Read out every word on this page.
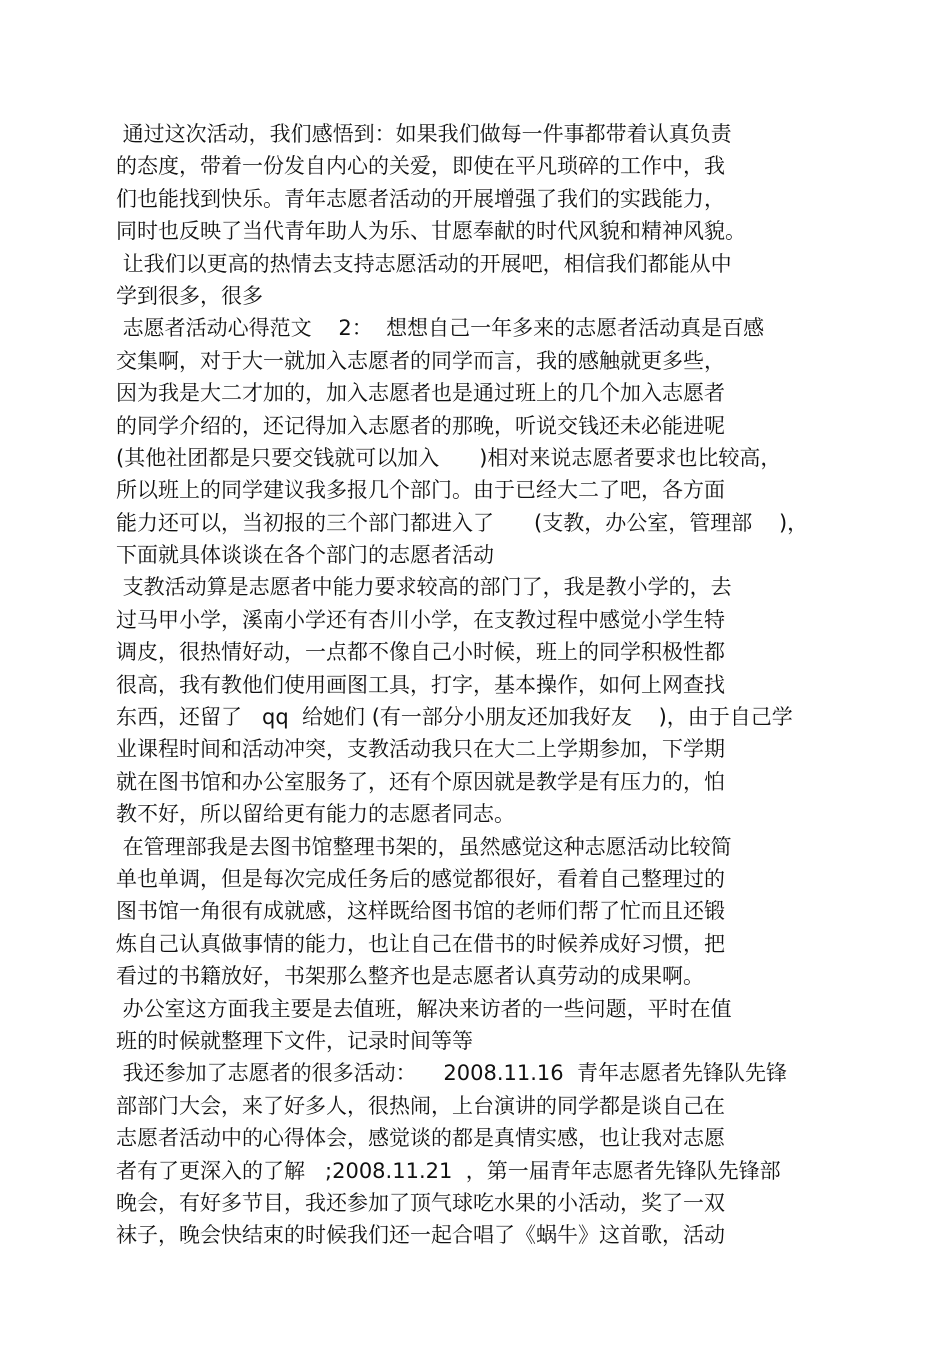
通过这次活动，我们感悟到：如果我们做每一件事都带着认真负责
的态度，带着一份发自内心的关爱，即使在平凡琐碎的工作中，我
们也能找到快乐。青年志愿者活动的开展增强了我们的实践能力，
同时也反映了当代青年助人为乐、甘愿奉献的时代风貌和精神风貌。
让我们以更高的热情去支持志愿活动的开展吧，相信我们都能从中
学到很多，很多
志愿者活动心得范文    2：  想想自己一年多来的志愿者活动真是百感
交集啊，对于大一就加入志愿者的同学而言，我的感触就更多些，
因为我是大二才加的，加入志愿者也是通过班上的几个加入志愿者
的同学介绍的，还记得加入志愿者的那晚，听说交钱还未必能进呢
(其他社团都是只要交钱就可以加入      )相对来说志愿者要求也比较高，
所以班上的同学建议我多报几个部门。由于已经大二了吧，各方面
能力还可以，当初报的三个部门都进入了      (支教，办公室，管理部    )，
下面就具体谈谈在各个部门的志愿者活动
支教活动算是志愿者中能力要求较高的部门了，我是教小学的，去
过马甲小学，溪南小学还有杏川小学，在支教过程中感觉小学生特
调皮，很热情好动，一点都不像自己小时候，班上的同学积极性都
很高，我有教他们使用画图工具，打字，基本操作，如何上网查找
东西，还留了   qq  给她们 (有一部分小朋友还加我好友    )，由于自己学
业课程时间和活动冲突，支教活动我只在大二上学期参加，下学期
就在图书馆和办公室服务了，还有个原因就是教学是有压力的，怕
教不好，所以留给更有能力的志愿者同志。
在管理部我是去图书馆整理书架的，虽然感觉这种志愿活动比较简
单也单调，但是每次完成任务后的感觉都很好，看着自己整理过的
图书馆一角很有成就感，这样既给图书馆的老师们帮了忙而且还锻
炼自己认真做事情的能力，也让自己在借书的时候养成好习惯，把
看过的书籍放好，书架那么整齐也是志愿者认真劳动的成果啊。
办公室这方面我主要是去值班，解决来访者的一些问题，平时在值
班的时候就整理下文件，记录时间等等
我还参加了志愿者的很多活动：    2008.11.16  青年志愿者先锋队先锋
部部门大会，来了好多人，很热闹，上台演讲的同学都是谈自己在
志愿者活动中的心得体会，感觉谈的都是真情实感，也让我对志愿
者有了更深入的了解   ;2008.11.21  ，第一届青年志愿者先锋队先锋部
晚会，有好多节目，我还参加了顶气球吃水果的小活动，奖了一双
袜子，晚会快结束的时候我们还一起合唱了《蜗牛》这首歌，活动
